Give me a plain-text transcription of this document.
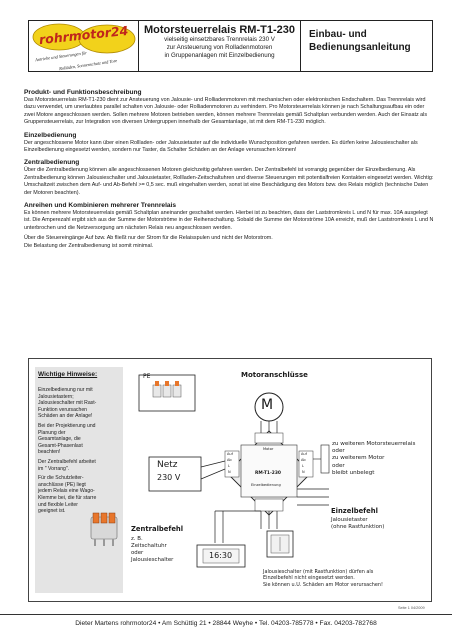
rohrmotor24
Antriebe und Steuerungen für
Rolläden, Sonnenschutz und Tore
Motorsteuerrelais RM-T1-230
vielseitig einsetzbares Trennrelais 230 V
zur Ansteuerung von Rolladenmotoren
in Gruppenanlagen mit Einzelbedienung
Einbau- und
Bedienungsanleitung
Produkt- und Funktionsbeschreibung
Das Motorsteuerrelais RM-T1-230 dient zur Ansteuerung von Jalousie- und Rolliadenmotoren mit mechanischen oder elektronischen Endschaltern. Das Trennrelais wird dazu verwendet, um unerlaubtes parallel schalten von Jalousie- oder Rolliadenmotoren zu verhindern. Pro Motorsteuerrelais können je nach Schaltungsaufbau ein oder zwei Motore angeschlossen werden. Sollen mehrere Motoren betrieben werden, können mehrere Trennrelais gemäß Schaltplan verbunden werden. Auch der Einsatz als Gruppensteuerrelais, zur Integration von diversen Untergruppen innerhalb der Gesamtanlage, ist mit dem RM-T1-230 möglich.
Einzelbedienung
Der angeschlossene Motor kann über einen Rollladen- oder Jalousietaster auf die individuelle Wunschposition gefahren werden. Es dürfen keine Jalousieschalter als Einzelbedienung eingesetzt werden, sondern nur Taster, da Schalter Schäden an der Anlage verursachen können!
Zentralbedienung
Über die Zentralbedienung können alle angeschlossenen Motoren gleichzeitig gefahren werden. Der Zentralbefehl ist vorrangig gegenüber der Einzelbedienung. Als Zentralbedienung können Jalousieschalter und Jalousietaster, Rollladen-Zeitschaltuhren und diverse Steuerungen mit potentialfreien Kontakten eingesetzt werden. Wichtig: Umschaltzeit zwischen dem Auf- und Ab-Befehl >= 0,5 sec. muß eingehalten werden, sonst ist eine Beschädigung des Motors bzw. des Relais möglich (technische Daten der Motoren beachten).
Anreihen und Kombinieren mehrerer Trennrelais
Es können mehrere Motorsteuerrelais gemäß Schaltplan aneinander geschaltet werden. Hierbei ist zu beachten, dass der Laststromkreis L und N für max. 10A ausgelegt ist. Die Amperezahl ergibt sich aus der Summe der Motorströme in der Reihenschaltung. Sobald die Summe der Motorströme 10A erreicht, muß der Laststromkreis L und N unterbrochen und die Netzversorgung am nächsten Relais neu angeschlossen werden.
Über die Steuereingänge Auf bzw. Ab fließt nur der Strom für die Relaisspulen und nicht der Motorstrom.
Die Belastung der Zentralbedienung ist somit minimal.
Wichtige Hinweise:

Einzelbedienung nur mit Jalousietastern; Jalousieschalter mit Rast-Funktion verursachen Schäden an der Anlage!

Bei der Projektierung und Planung der Gesamtanlage, die Gesamt-Phasenlast beachten!

Der Zentralbefehl arbeitet im " Vorrang".

Für die Schutzleiter-anschlüsse (PE) liegt jedem Relais eine Wago-Klemme bei, die für starre und flexible Leiter geeignet ist.

PE	Motoranschlüsse
M
Netz
230 V
Motor
RM-T1-230
Einzelbedienung
Auf
Ab
L
N
Auf
Ab
L
N
zu weiteren Motorsteuerrelais
oder
zu weiterem Motor
oder
bleibt unbelegt
Einzelbefehl
Jalousietaster
(ohne Rastfunktion)
Zentralbefehl
z. B.
Zeitschaltuhr
oder
Jalousieschalter	16:30
Jalousieschalter (mit Rastfunktion) dürfen als
Einzelbefehl nicht eingesetzt werden.
Sie können u.U. Schäden am Motor verursachen!
Seite 1 04/2009
Dieter Martens rohrmotor24 • Am Schüttig 21 • 28844 Weyhe • Tel. 04203-785778 • Fax. 04203-782768
